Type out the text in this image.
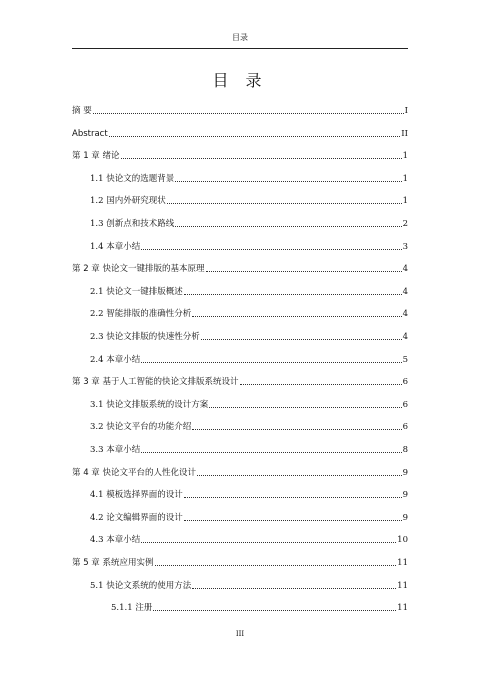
目录
目 录
摘 要	I
Abstract	II
第 1 章 绪论	1
1.1 快论文的选题背景	1
1.2 国内外研究现状	1
1.3 创新点和技术路线	2
1.4 本章小结	3
第 2 章 快论文一键排版的基本原理	4
2.1 快论文一键排版概述	4
2.2 智能排版的准确性分析	4
2.3 快论文排版的快速性分析	4
2.4 本章小结	5
第 3 章 基于人工智能的快论文排版系统设计	6
3.1 快论文排版系统的设计方案	6
3.2 快论文平台的功能介绍	6
3.3 本章小结	8
第 4 章 快论文平台的人性化设计	9
4.1 模板选择界面的设计	9
4.2 论文编辑界面的设计	9
4.3 本章小结	10
第 5 章 系统应用实例	11
5.1 快论文系统的使用方法	11
5.1.1 注册	11
III
